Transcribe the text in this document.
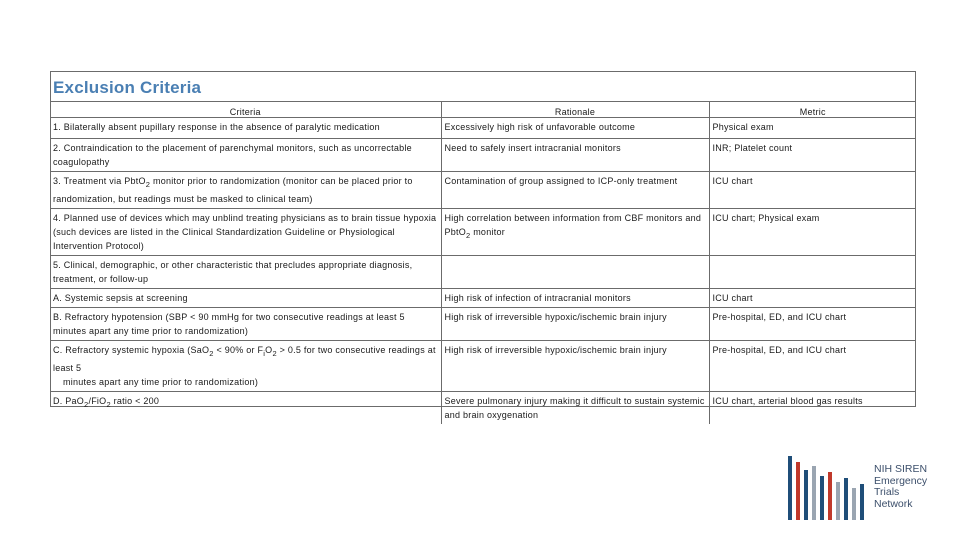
Exclusion Criteria
Criteria	Rationale	Metric
1. Bilaterally absent pupillary response in the absence of paralytic medication	Excessively high risk of unfavorable outcome	Physical exam
2. Contraindication to the placement of parenchymal monitors, such as uncorrectable coagulopathy	Need to safely insert intracranial monitors	INR; Platelet count
3. Treatment via PbtO$_2$ monitor prior to randomization (monitor can be placed prior to randomization, but readings must be masked to clinical team)	Contamination of group assigned to ICP-only treatment	ICU chart
4. Planned use of devices which may unblind treating physicians as to brain tissue hypoxia (such devices are listed in the Clinical Standardization Guideline or Physiological Intervention Protocol)	High correlation between information from CBF monitors and PbtO$_2$ monitor	ICU chart; Physical exam
5. Clinical, demographic, or other characteristic that precludes appropriate diagnosis, treatment, or follow-up		
A. Systemic sepsis at screening	High risk of infection of intracranial monitors	ICU chart
B. Refractory hypotension (SBP < 90 mmHg for two consecutive readings at least 5 minutes apart any time prior to randomization)	High risk of irreversible hypoxic/ischemic brain injury	Pre-hospital, ED, and ICU chart
C. Refractory systemic hypoxia (SaO$_2$ < 90% or $F_iO_2 > 0.5$ for two consecutive readings at least 5
minutes apart any time prior to randomization)	High risk of irreversible hypoxic/ischemic brain injury	Pre-hospital, ED, and ICU chart
D. PaO$_2$/FiO$_2$ ratio < 200	Severe pulmonary injury making it difficult to sustain systemic and brain oxygenation	ICU chart, arterial blood gas results
NIH SIREN
Emergency
Trials
Network
